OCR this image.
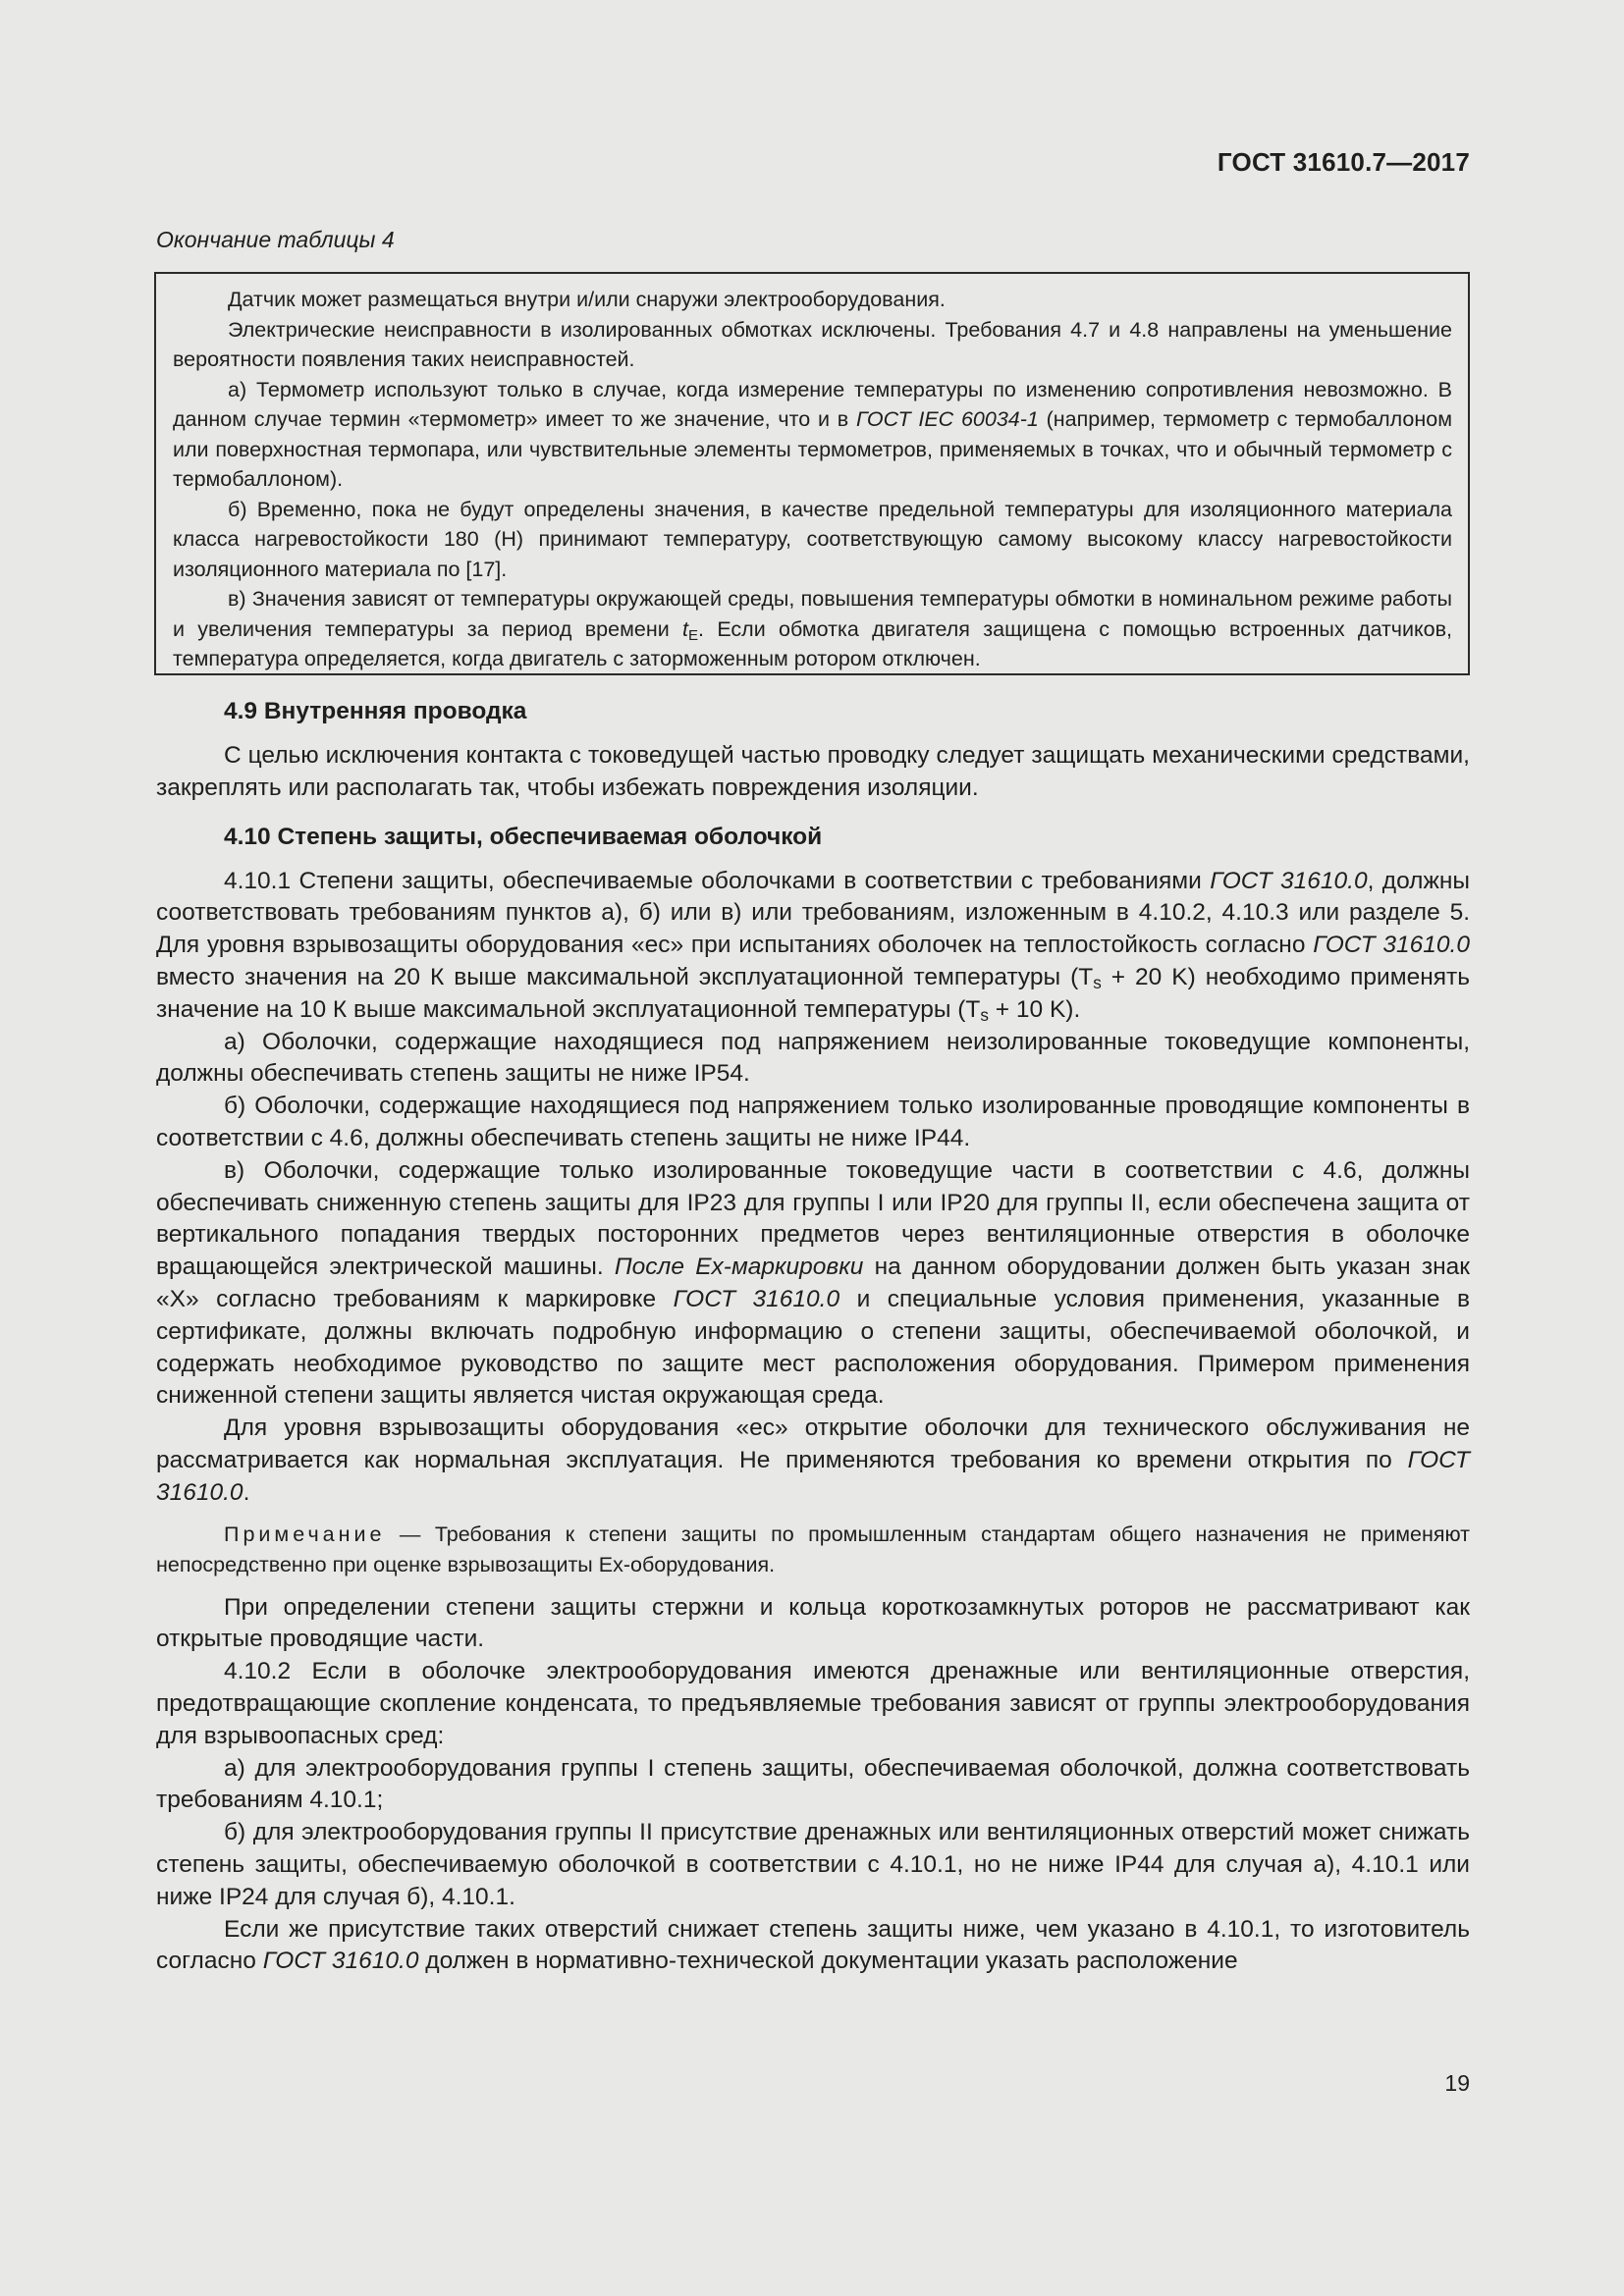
ГОСТ 31610.7—2017
Окончание таблицы 4

Датчик может размещаться внутри и/или снаружи электрооборудования.

Электрические неисправности в изолированных обмотках исключены. Требования 4.7 и 4.8 направлены на уменьшение вероятности появления таких неисправностей.

а) Термометр используют только в случае, когда измерение температуры по изменению сопротивления невозможно. В данном случае термин «термометр» имеет то же значение, что и в ГОСТ IEC 60034-1 (например, термометр с термобаллоном или поверхностная термопара, или чувствительные элементы термометров, применяемых в точках, что и обычный термометр с термобаллоном).

б) Временно, пока не будут определены значения, в качестве предельной температуры для изоляционного материала класса нагревостойкости 180 (Н) принимают температуру, соответствующую самому высокому классу нагревостойкости изоляционного материала по [17].

в) Значения зависят от температуры окружающей среды, повышения температуры обмотки в номинальном режиме работы и увеличения температуры за период времени $t_E$. Если обмотка двигателя защищена с помощью встроенных датчиков, температура определяется, когда двигатель с заторможенным ротором отключен.

4.9 Внутренняя проводка

С целью исключения контакта с токоведущей частью проводку следует защищать механическими средствами, закреплять или располагать так, чтобы избежать повреждения изоляции.

4.10 Степень защиты, обеспечиваемая оболочкой

4.10.1 Степени защиты, обеспечиваемые оболочками в соответствии с требованиями ГОСТ 31610.0, должны соответствовать требованиям пунктов а), б) или в) или требованиям, изложенным в 4.10.2, 4.10.3 или разделе 5. Для уровня взрывозащиты оборудования «ес» при испытаниях оболочек на теплостойкость согласно ГОСТ 31610.0 вместо значения на 20 К выше максимальной эксплуатационной температуры ($T_s + 20$ K) необходимо применять значение на 10 К выше максимальной эксплуатационной температуры ($T_s + 10$ K).

а) Оболочки, содержащие находящиеся под напряжением неизолированные токоведущие компоненты, должны обеспечивать степень защиты не ниже IP54.

б) Оболочки, содержащие находящиеся под напряжением только изолированные проводящие компоненты в соответствии с 4.6, должны обеспечивать степень защиты не ниже IP44.

в) Оболочки, содержащие только изолированные токоведущие части в соответствии с 4.6, должны обеспечивать сниженную степень защиты для IP23 для группы I или IP20 для группы II, если обеспечена защита от вертикального попадания твердых посторонних предметов через вентиляционные отверстия в оболочке вращающейся электрической машины. После Ex-маркировки на данном оборудовании должен быть указан знак «Х» согласно требованиям к маркировке ГОСТ 31610.0 и специальные условия применения, указанные в сертификате, должны включать подробную информацию о степени защиты, обеспечиваемой оболочкой, и содержать необходимое руководство по защите мест расположения оборудования. Примером применения сниженной степени защиты является чистая окружающая среда.

Для уровня взрывозащиты оборудования «ес» открытие оболочки для технического обслуживания не рассматривается как нормальная эксплуатация. Не применяются требования ко времени открытия по ГОСТ 31610.0.

Примечание — Требования к степени защиты по промышленным стандартам общего назначения не применяют непосредственно при оценке взрывозащиты Ex-оборудования.

При определении степени защиты стержни и кольца короткозамкнутых роторов не рассматривают как открытые проводящие части.

4.10.2 Если в оболочке электрооборудования имеются дренажные или вентиляционные отверстия, предотвращающие скопление конденсата, то предъявляемые требования зависят от группы электрооборудования для взрывоопасных сред:

а) для электрооборудования группы I степень защиты, обеспечиваемая оболочкой, должна соответствовать требованиям 4.10.1;

б) для электрооборудования группы II присутствие дренажных или вентиляционных отверстий может снижать степень защиты, обеспечиваемую оболочкой в соответствии с 4.10.1, но не ниже IP44 для случая а), 4.10.1 или ниже IP24 для случая б), 4.10.1.

Если же присутствие таких отверстий снижает степень защиты ниже, чем указано в 4.10.1, то изготовитель согласно ГОСТ 31610.0 должен в нормативно-технической документации указать расположение

19
